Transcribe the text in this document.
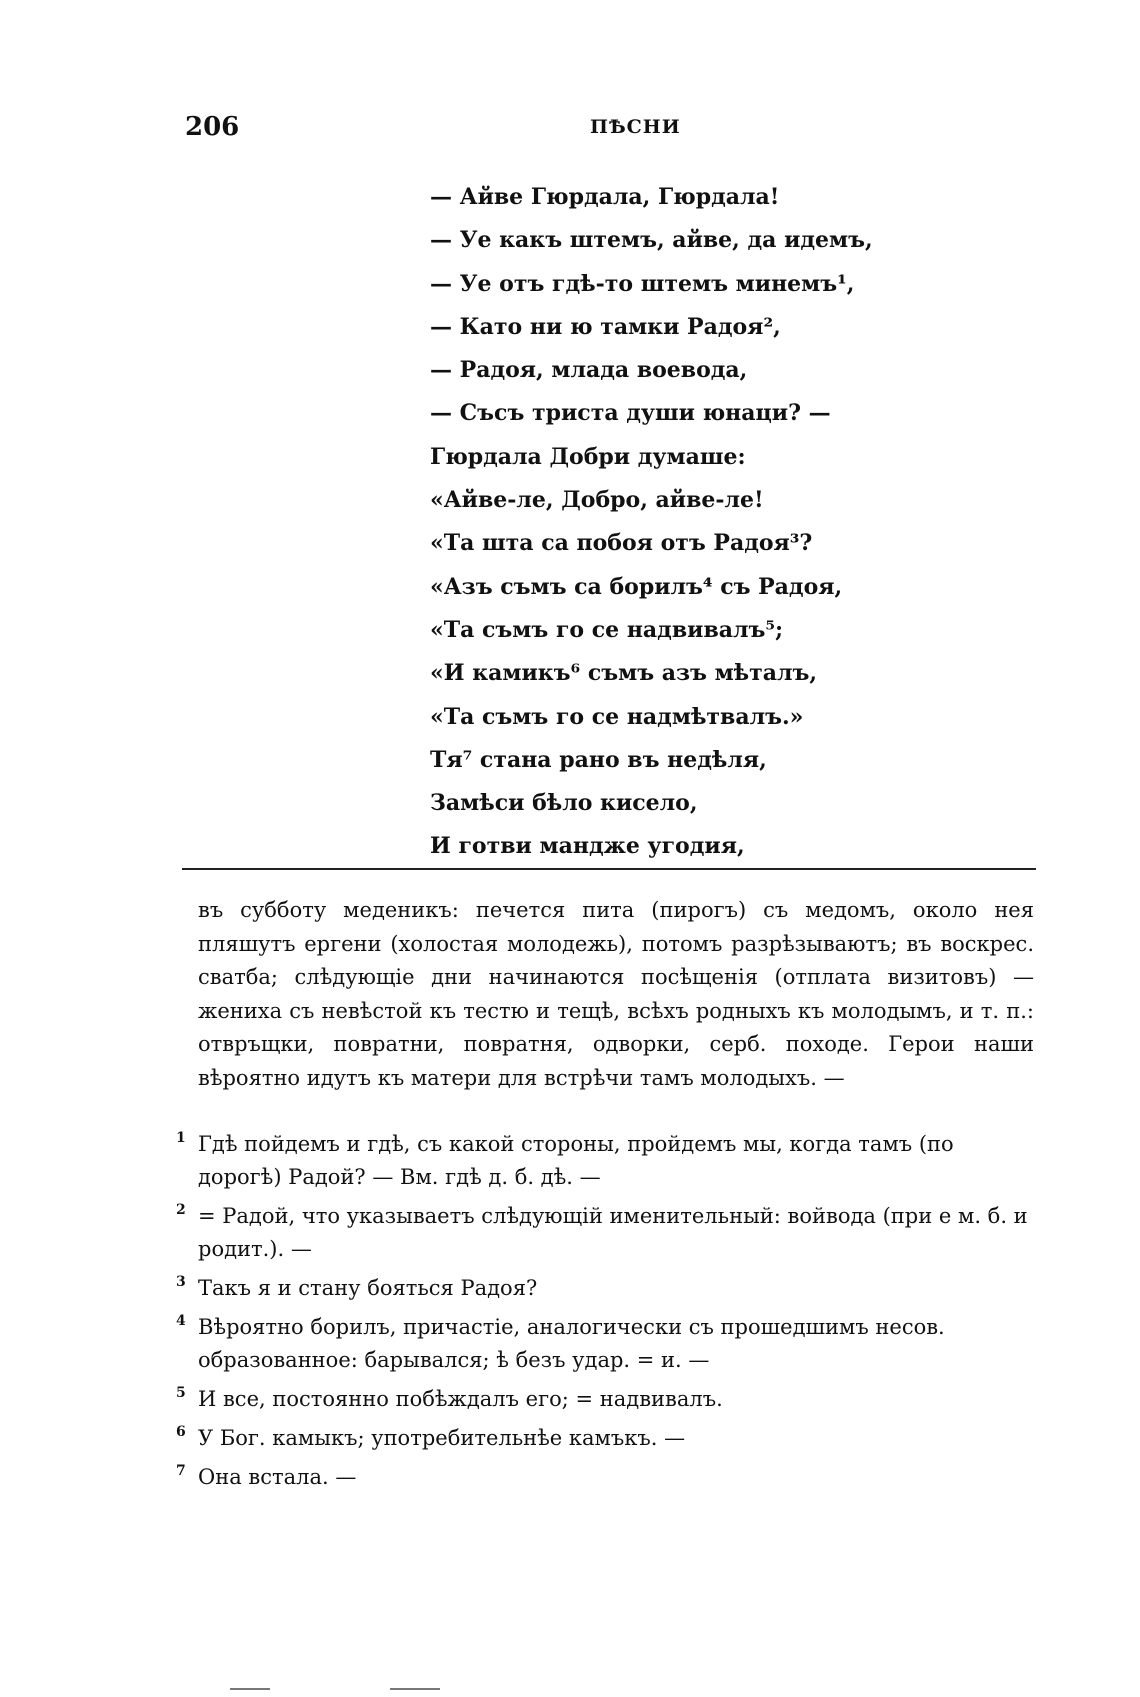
206	ПѢСНИ
— Айве Гюрдала, Гюрдала!
— Уе какъ штемъ, айве, да идемъ,
— Уе отъ гдѣ-то штемъ минемъ¹,
— Като ни ю тамки Радоя²,
— Радоя, млада воевода,
— Съсъ триста души юнаци? —
Гюрдала Добри думаше:
«Айве-ле, Добро, айве-ле!
«Та шта са побоя отъ Радоя³?
«Азъ съмъ са борилъ⁴ съ Радоя,
«Та съмъ го се надвивалъ⁵;
«И камикъ⁶ съмъ азъ мѣталъ,
«Та съмъ го се надмѣтвалъ.»
Тя⁷ стана рано въ недѣля,
Замѣси бѣло кисело,
И готви мандже угодия,
въ субботу меденикъ: печется пита (пирогъ) съ медомъ, около нея пляшутъ ергени (холостая молодежь), потомъ разрѣзываютъ; въ воскрес. сватба; слѣдующіе дни начинаются посѣщенія (отплата визитовъ) — жениха съ невѣстой къ тестю и тещѣ, всѣхъ родныхъ къ молодымъ, и т. п.: отвръщки, повратни, повратня, одворки, серб. походе. Герои наши вѣроятно идутъ къ матери для встрѣчи тамъ молодыхъ. —
1 Гдѣ пойдемъ и гдѣ, съ какой стороны, пройдемъ мы, когда тамъ (по дорогѣ) Радой? — Вм. гдѣ д. б. дѣ. —
2 = Радой, что указываетъ слѣдующій именительный: войвода (при е м. б. и родит.). —
3 Такъ я и стану бояться Радоя?
4 Вѣроятно борилъ, причастіе, аналогически съ прошедшимъ несов. образованное: барывался; ѣ безъ удар. = и. —
5 И все, постоянно побѣждалъ его; = надвивалъ.
6 У Бог. камыкъ; употребительнѣе камъкъ. —
7 Она встала. —
